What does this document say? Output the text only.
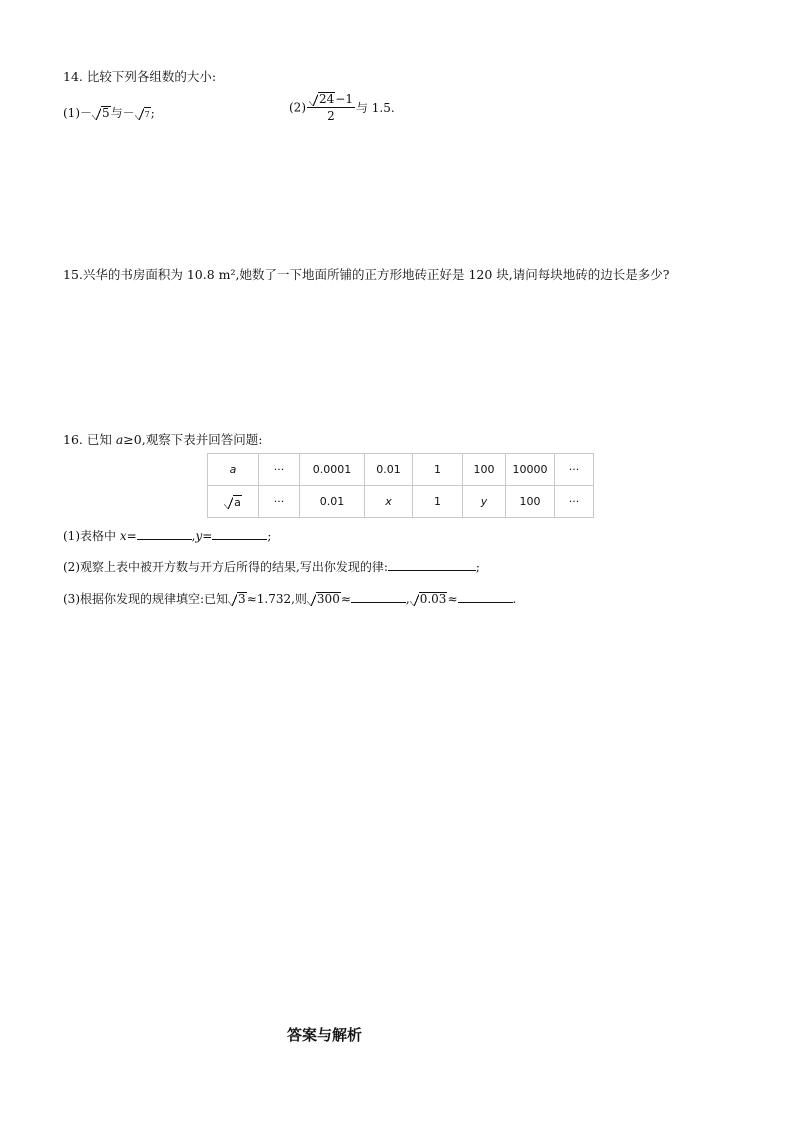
14. 比较下列各组数的大小:
(1)－ 5与－ 7;	$(2) \frac{24-1}{2}$ 与 1.5.
15.兴华的书房面积为 10.8 m²,她数了一下地面所铺的正方形地砖正好是 120 块,请问每块地砖的边长是多少?
16. 已知 a≥0,观察下表并回答问题:
a	···	0.0001	0.01	1	100	10000	···
a	···	0.01	x	1	y	100	···
(1)表格中 x=	,y=	;
(2)观察上表中被开方数与开方后所得的结果,写出你发现的律:	;
(3)根据你发现的规律填空:已知 3≈1.732,则 300≈	, 0.03≈	.
答案与解析
